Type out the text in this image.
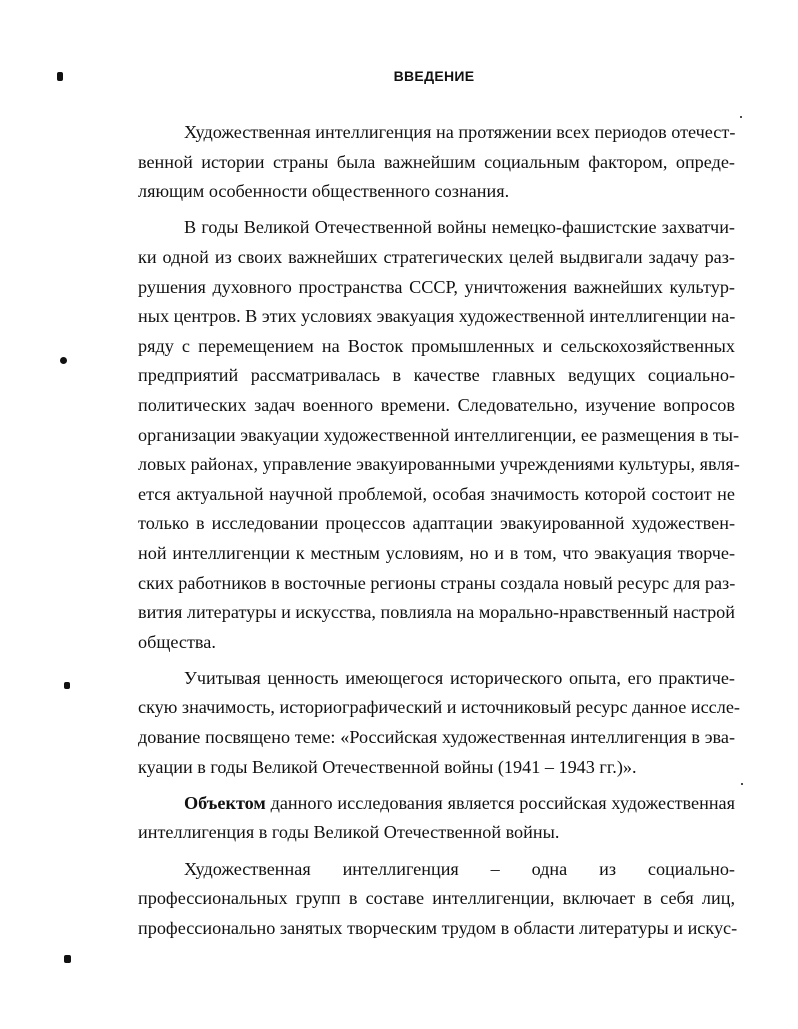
ВВЕДЕНИЕ
Художественная интеллигенция на протяжении всех периодов отечест-
венной истории страны была важнейшим социальным фактором, опреде-
ляющим особенности общественного сознания.
В годы Великой Отечественной войны немецко-фашистские захватчи-
ки одной из своих важнейших стратегических целей выдвигали задачу раз-
рушения духовного пространства СССР, уничтожения важнейших культур-
ных центров. В этих условиях эвакуация художественной интеллигенции на-
ряду с перемещением на Восток промышленных и сельскохозяйственных
предприятий рассматривалась в качестве главных ведущих социально-
политических задач военного времени. Следовательно, изучение вопросов
организации эвакуации художественной интеллигенции, ее размещения в ты-
ловых районах, управление эвакуированными учреждениями культуры, явля-
ется актуальной научной проблемой, особая значимость которой состоит не
только в исследовании процессов адаптации эвакуированной художествен-
ной интеллигенции к местным условиям, но и в том, что эвакуация творче-
ских работников в восточные регионы страны создала новый ресурс для раз-
вития литературы и искусства, повлияла на морально-нравственный настрой
общества.
Учитывая ценность имеющегося исторического опыта, его практиче-
скую значимость, историографический и источниковый ресурс данное иссле-
дование посвящено теме: «Российская художественная интеллигенция в эва-
куации в годы Великой Отечественной войны (1941 – 1943 гг.)».
Объектом данного исследования является российская художественная
интеллигенция в годы Великой Отечественной войны.
Художественная интеллигенция – одна из социально-
профессиональных групп в составе интеллигенции, включает в себя лиц,
профессионально занятых творческим трудом в области литературы и искус-
